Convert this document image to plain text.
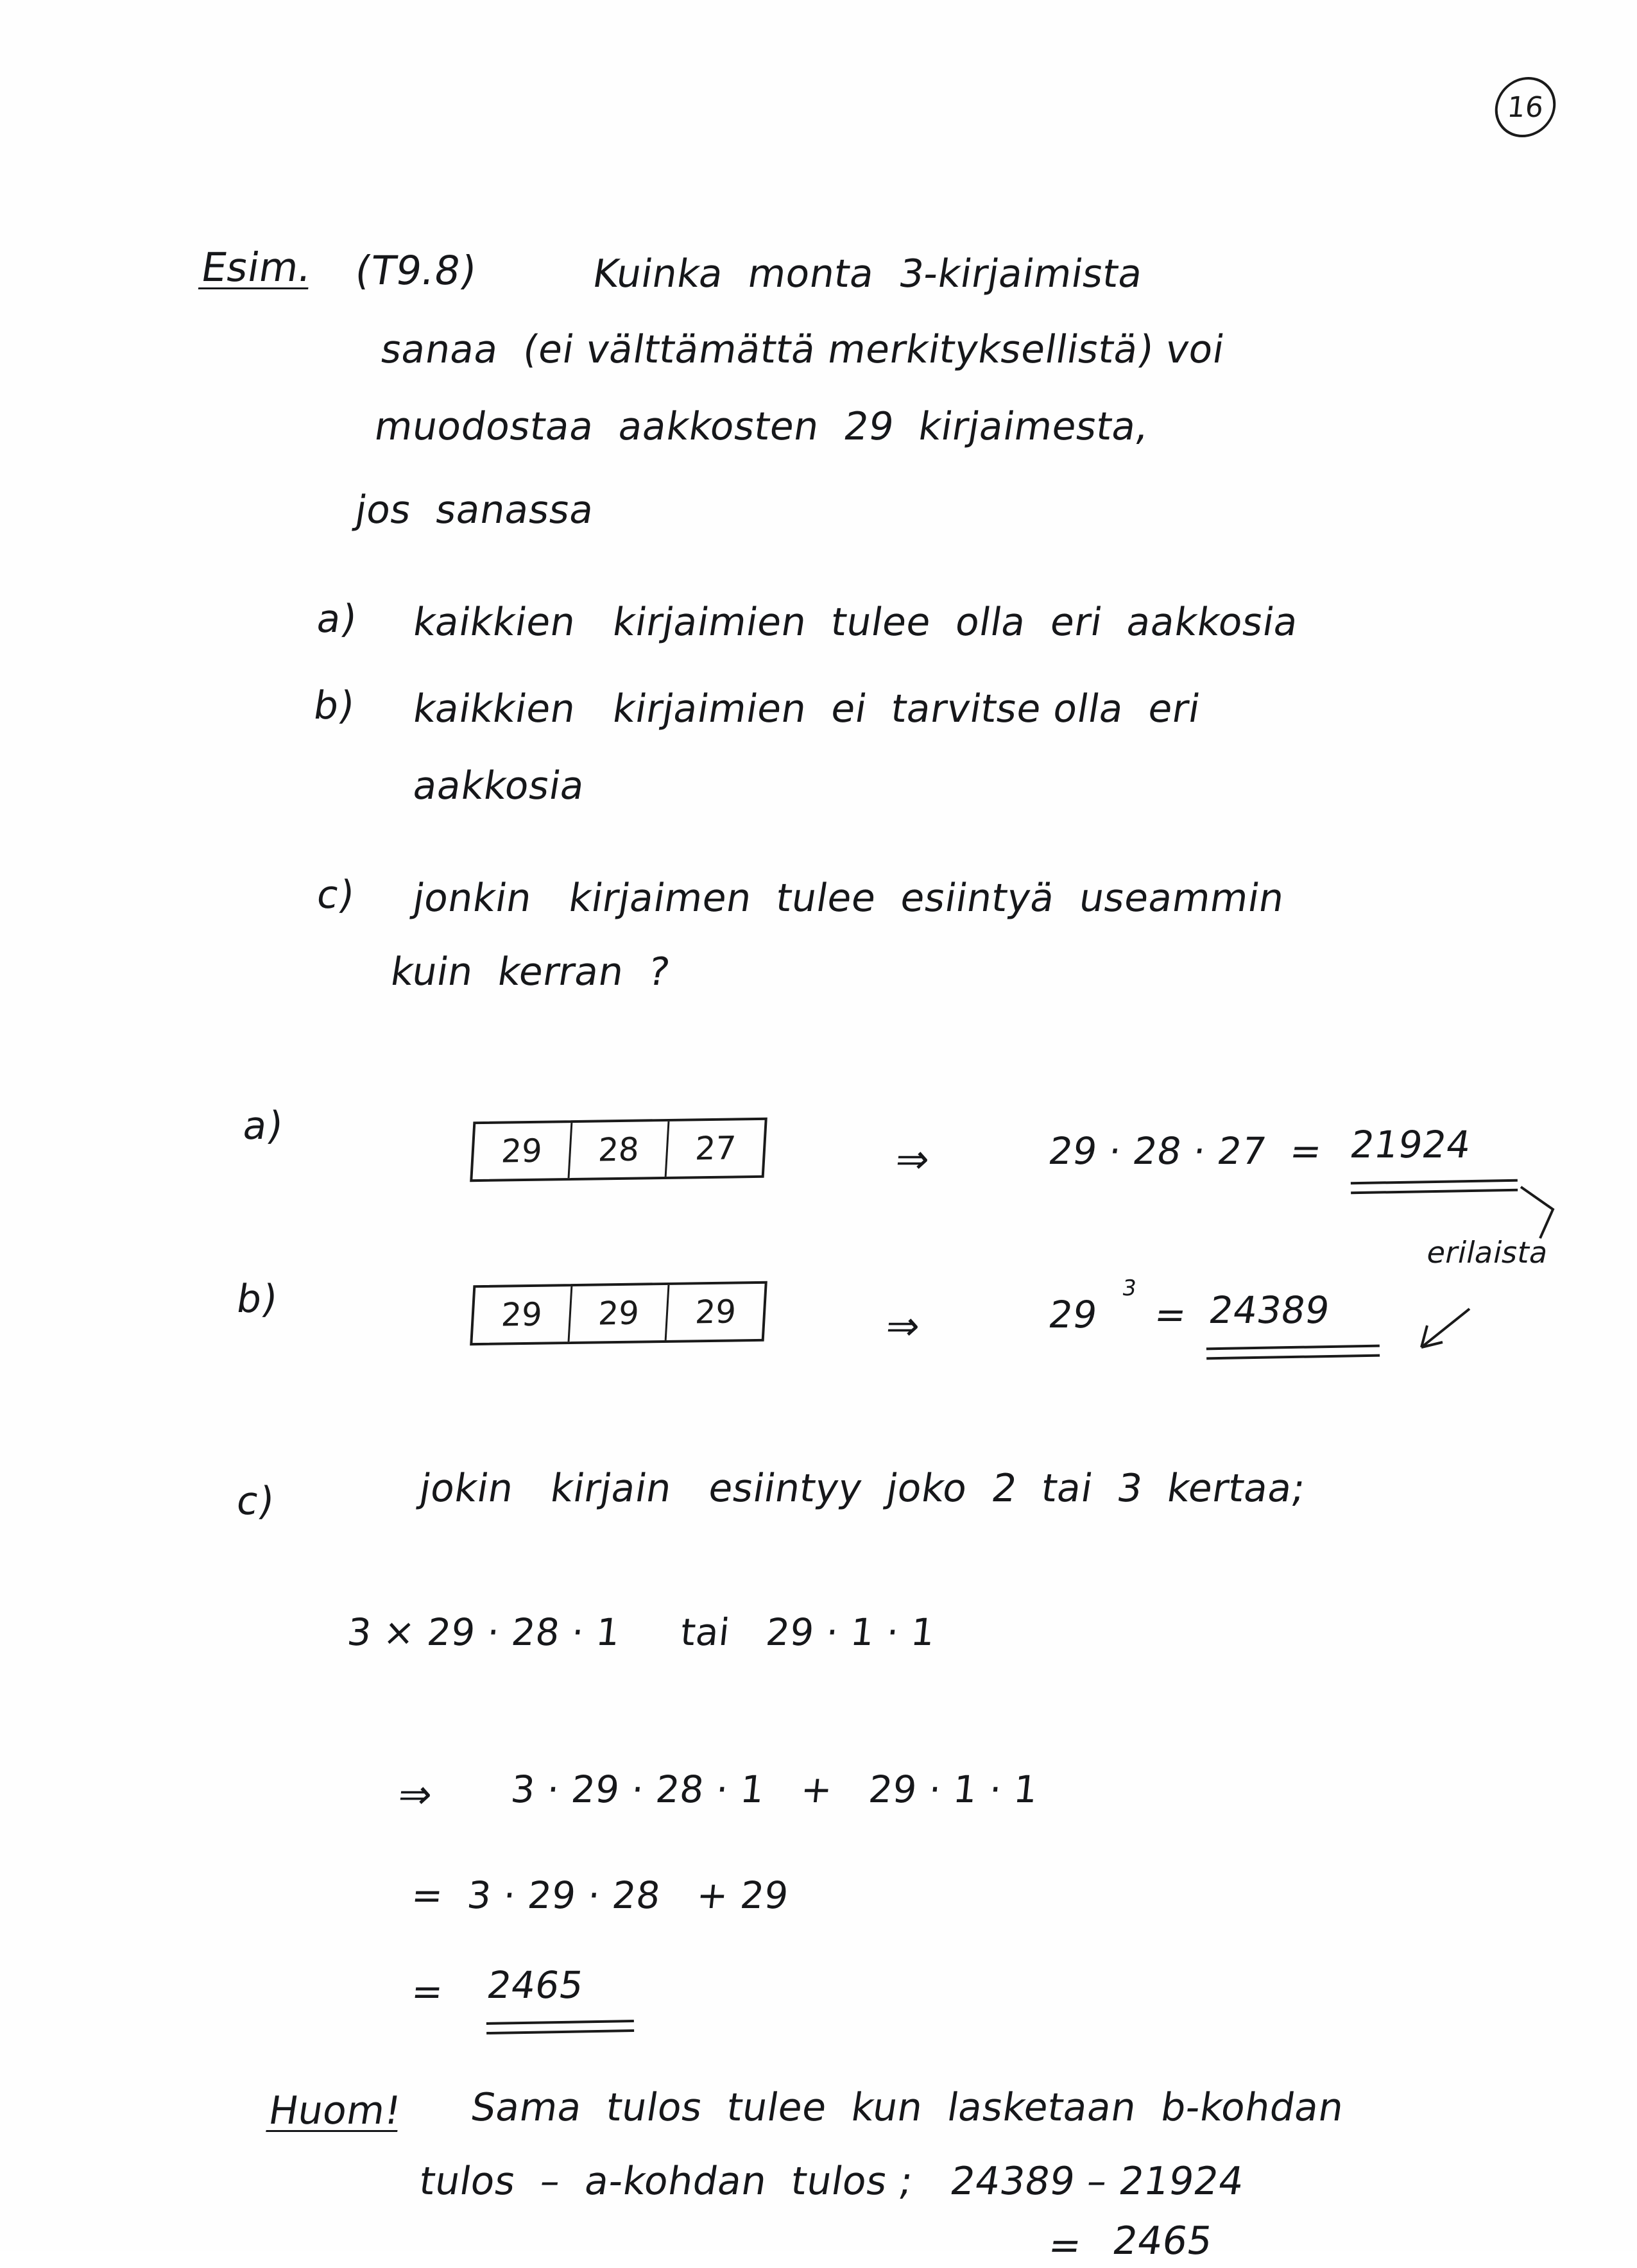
16
Esim. (T9.8)	Kuinka  monta  3-kirjaimista
sanaa  (ei välttämättä merkityksellistä) voi
muodostaa  aakkosten  29  kirjaimesta,
jos  sanassa
a) kaikkien   kirjaimien  tulee  olla  eri  aakkosia
b) kaikkien   kirjaimien  ei  tarvitse olla  eri
aakkosia
c) jonkin   kirjaimen  tulee  esiintyä  useammin
kuin  kerran  ?
a)
29	28	27	⇒	29 · 28 · 27  = 21924
b)	29	29	29	⇒	29
3
= 24389
erilaista
c)	jokin   kirjain   esiintyy  joko  2  tai  3  kertaa;
3 × 29 · 28 · 1     tai   29 · 1 · 1
⇒ 3 · 29 · 28 · 1   +   29 · 1 · 1
=  3 · 29 · 28   + 29
= 2465
Huom! Sama  tulos  tulee  kun  lasketaan  b-kohdan
tulos  –  a-kohdan  tulos ;   24389 – 21924
= 2465
